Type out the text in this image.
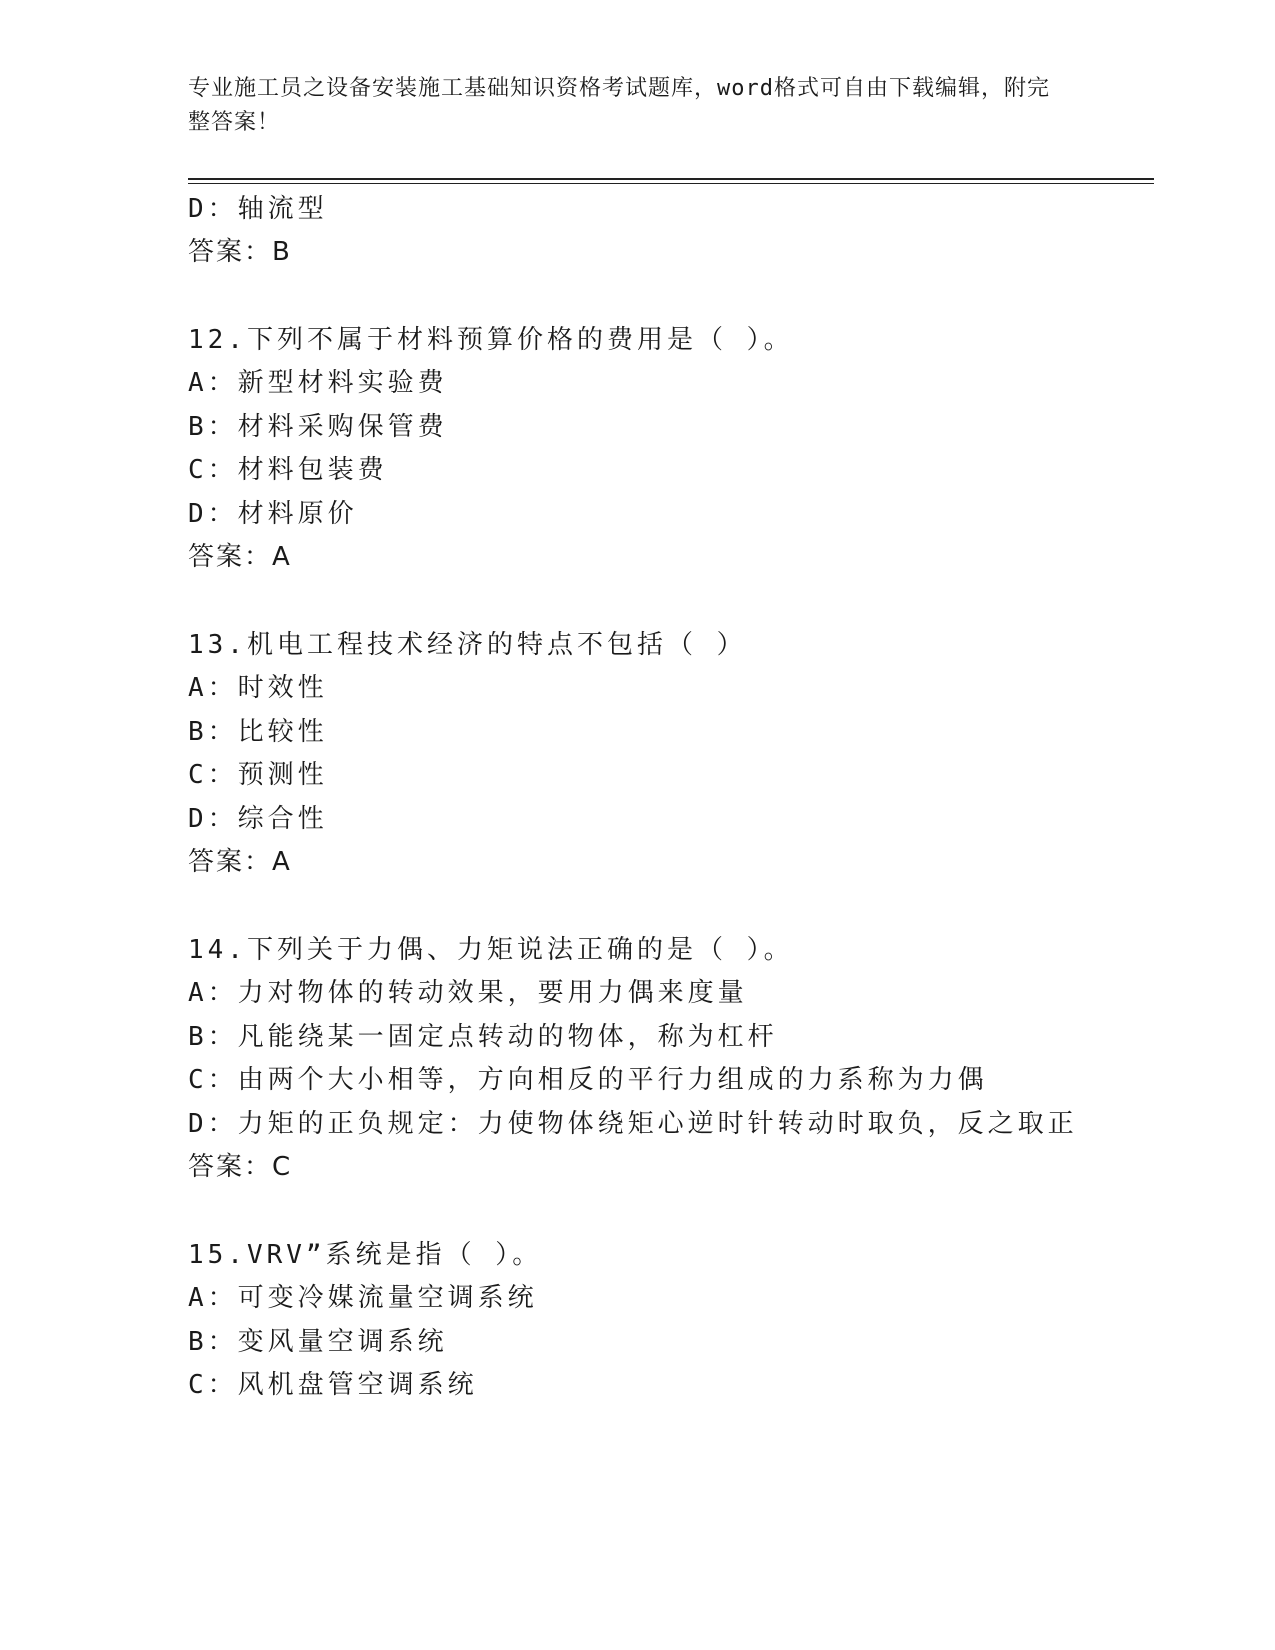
专业施工员之设备安装施工基础知识资格考试题库，word格式可自由下载编辑，附完整答案！
D：轴流型
答案：B
12.下列不属于材料预算价格的费用是（ ）。
A：新型材料实验费
B：材料采购保管费
C：材料包装费
D：材料原价
答案：A
13.机电工程技术经济的特点不包括（ ）
A：时效性
B：比较性
C：预测性
D：综合性
答案：A
14.下列关于力偶、力矩说法正确的是（ ）。
A：力对物体的转动效果，要用力偶来度量
B：凡能绕某一固定点转动的物体，称为杠杆
C：由两个大小相等，方向相反的平行力组成的力系称为力偶
D：力矩的正负规定：力使物体绕矩心逆时针转动时取负，反之取正
答案：C
15.VRV”系统是指（ ）。
A：可变冷媒流量空调系统
B：变风量空调系统
C：风机盘管空调系统
